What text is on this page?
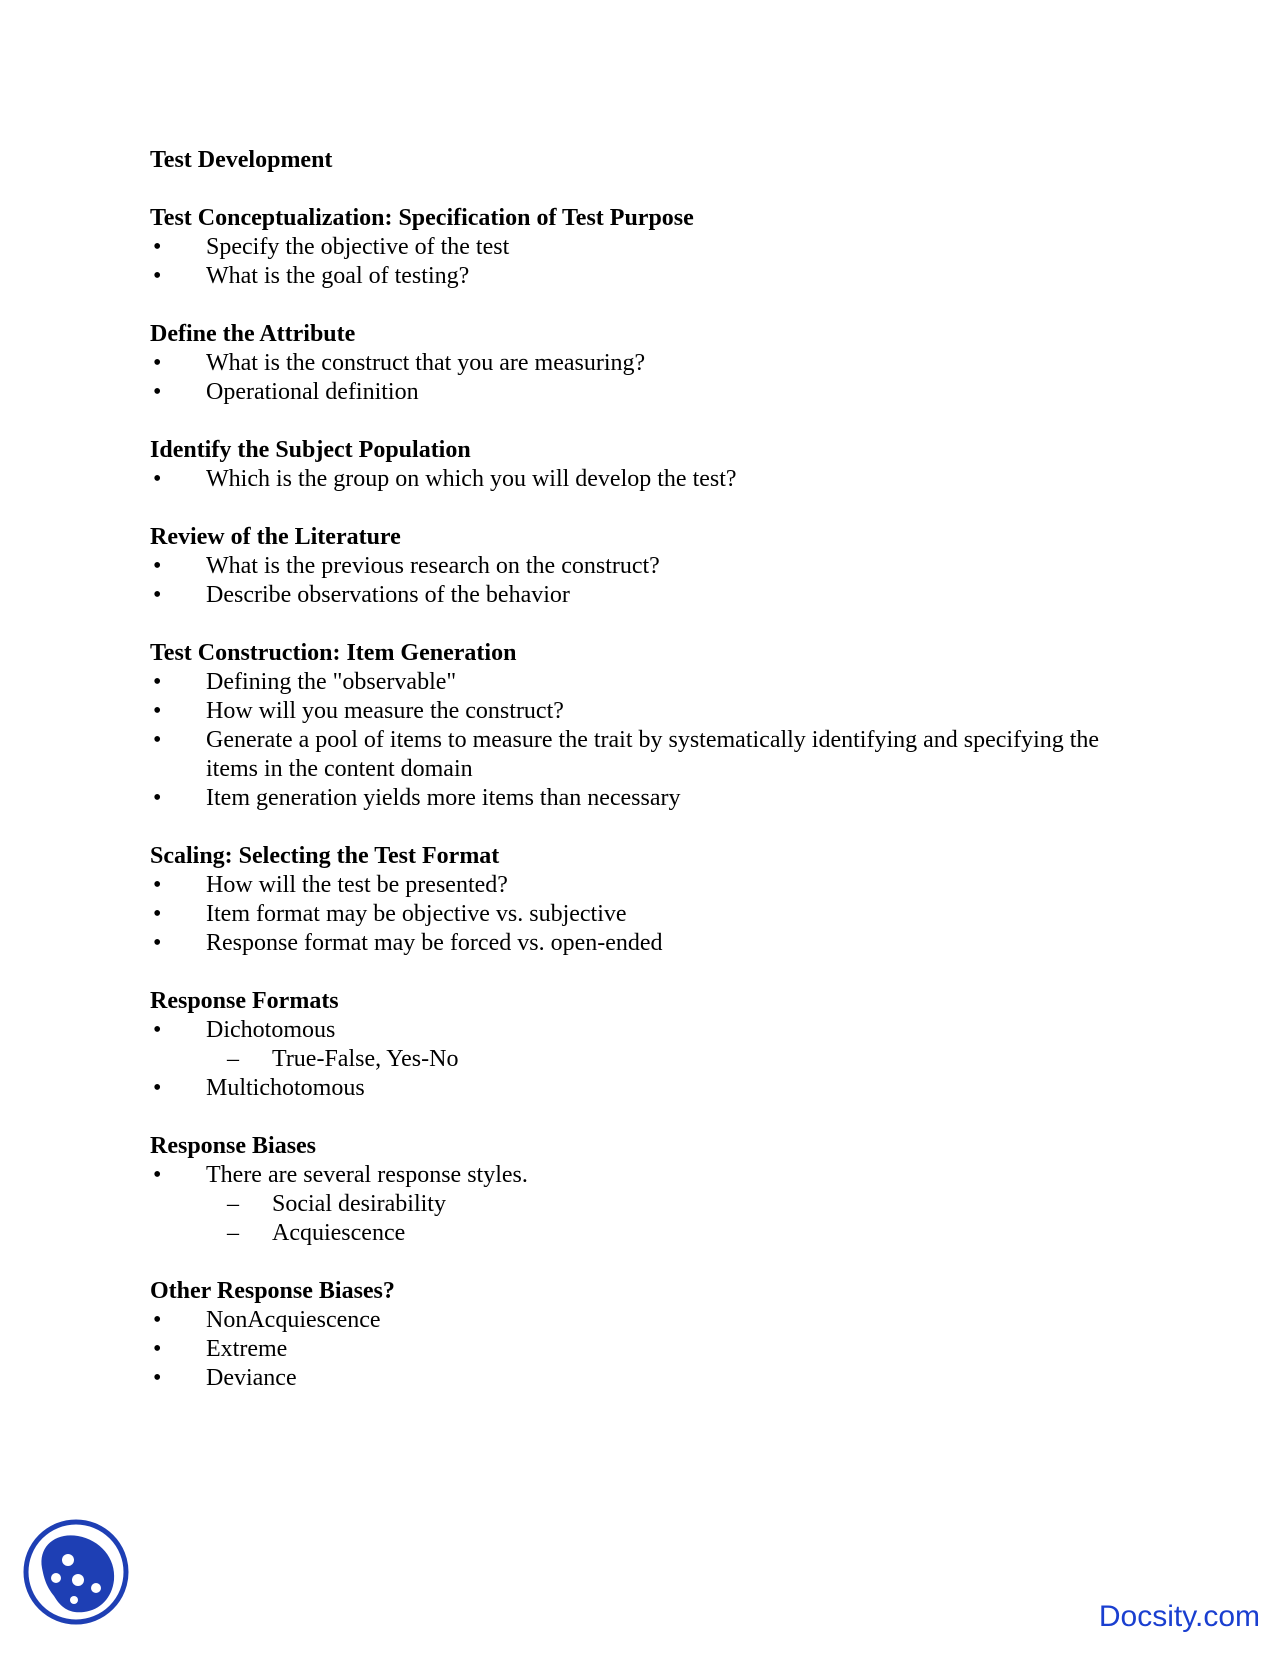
Test Development
Test Conceptualization: Specification of Test Purpose
• Specify the objective of the test
• What is the goal of testing?
Define the Attribute
• What is the construct that you are measuring?
• Operational definition
Identify the Subject Population
• Which is the group on which you will develop the test?
Review of the Literature
• What is the previous research on the construct?
• Describe observations of the behavior
Test Construction: Item Generation
• Defining the "observable"
• How will you measure the construct?
• Generate a pool of items to measure the trait by systematically identifying and specifying the items in the content domain
• Item generation yields more items than necessary
Scaling: Selecting the Test Format
• How will the test be presented?
• Item format may be objective vs. subjective
• Response format may be forced vs. open-ended
Response Formats
• Dichotomous
– True-False, Yes-No
• Multichotomous
Response Biases
• There are several response styles.
– Social desirability
– Acquiescence
Other Response Biases?
• NonAcquiescence
• Extreme
• Deviance
Docsity.com
